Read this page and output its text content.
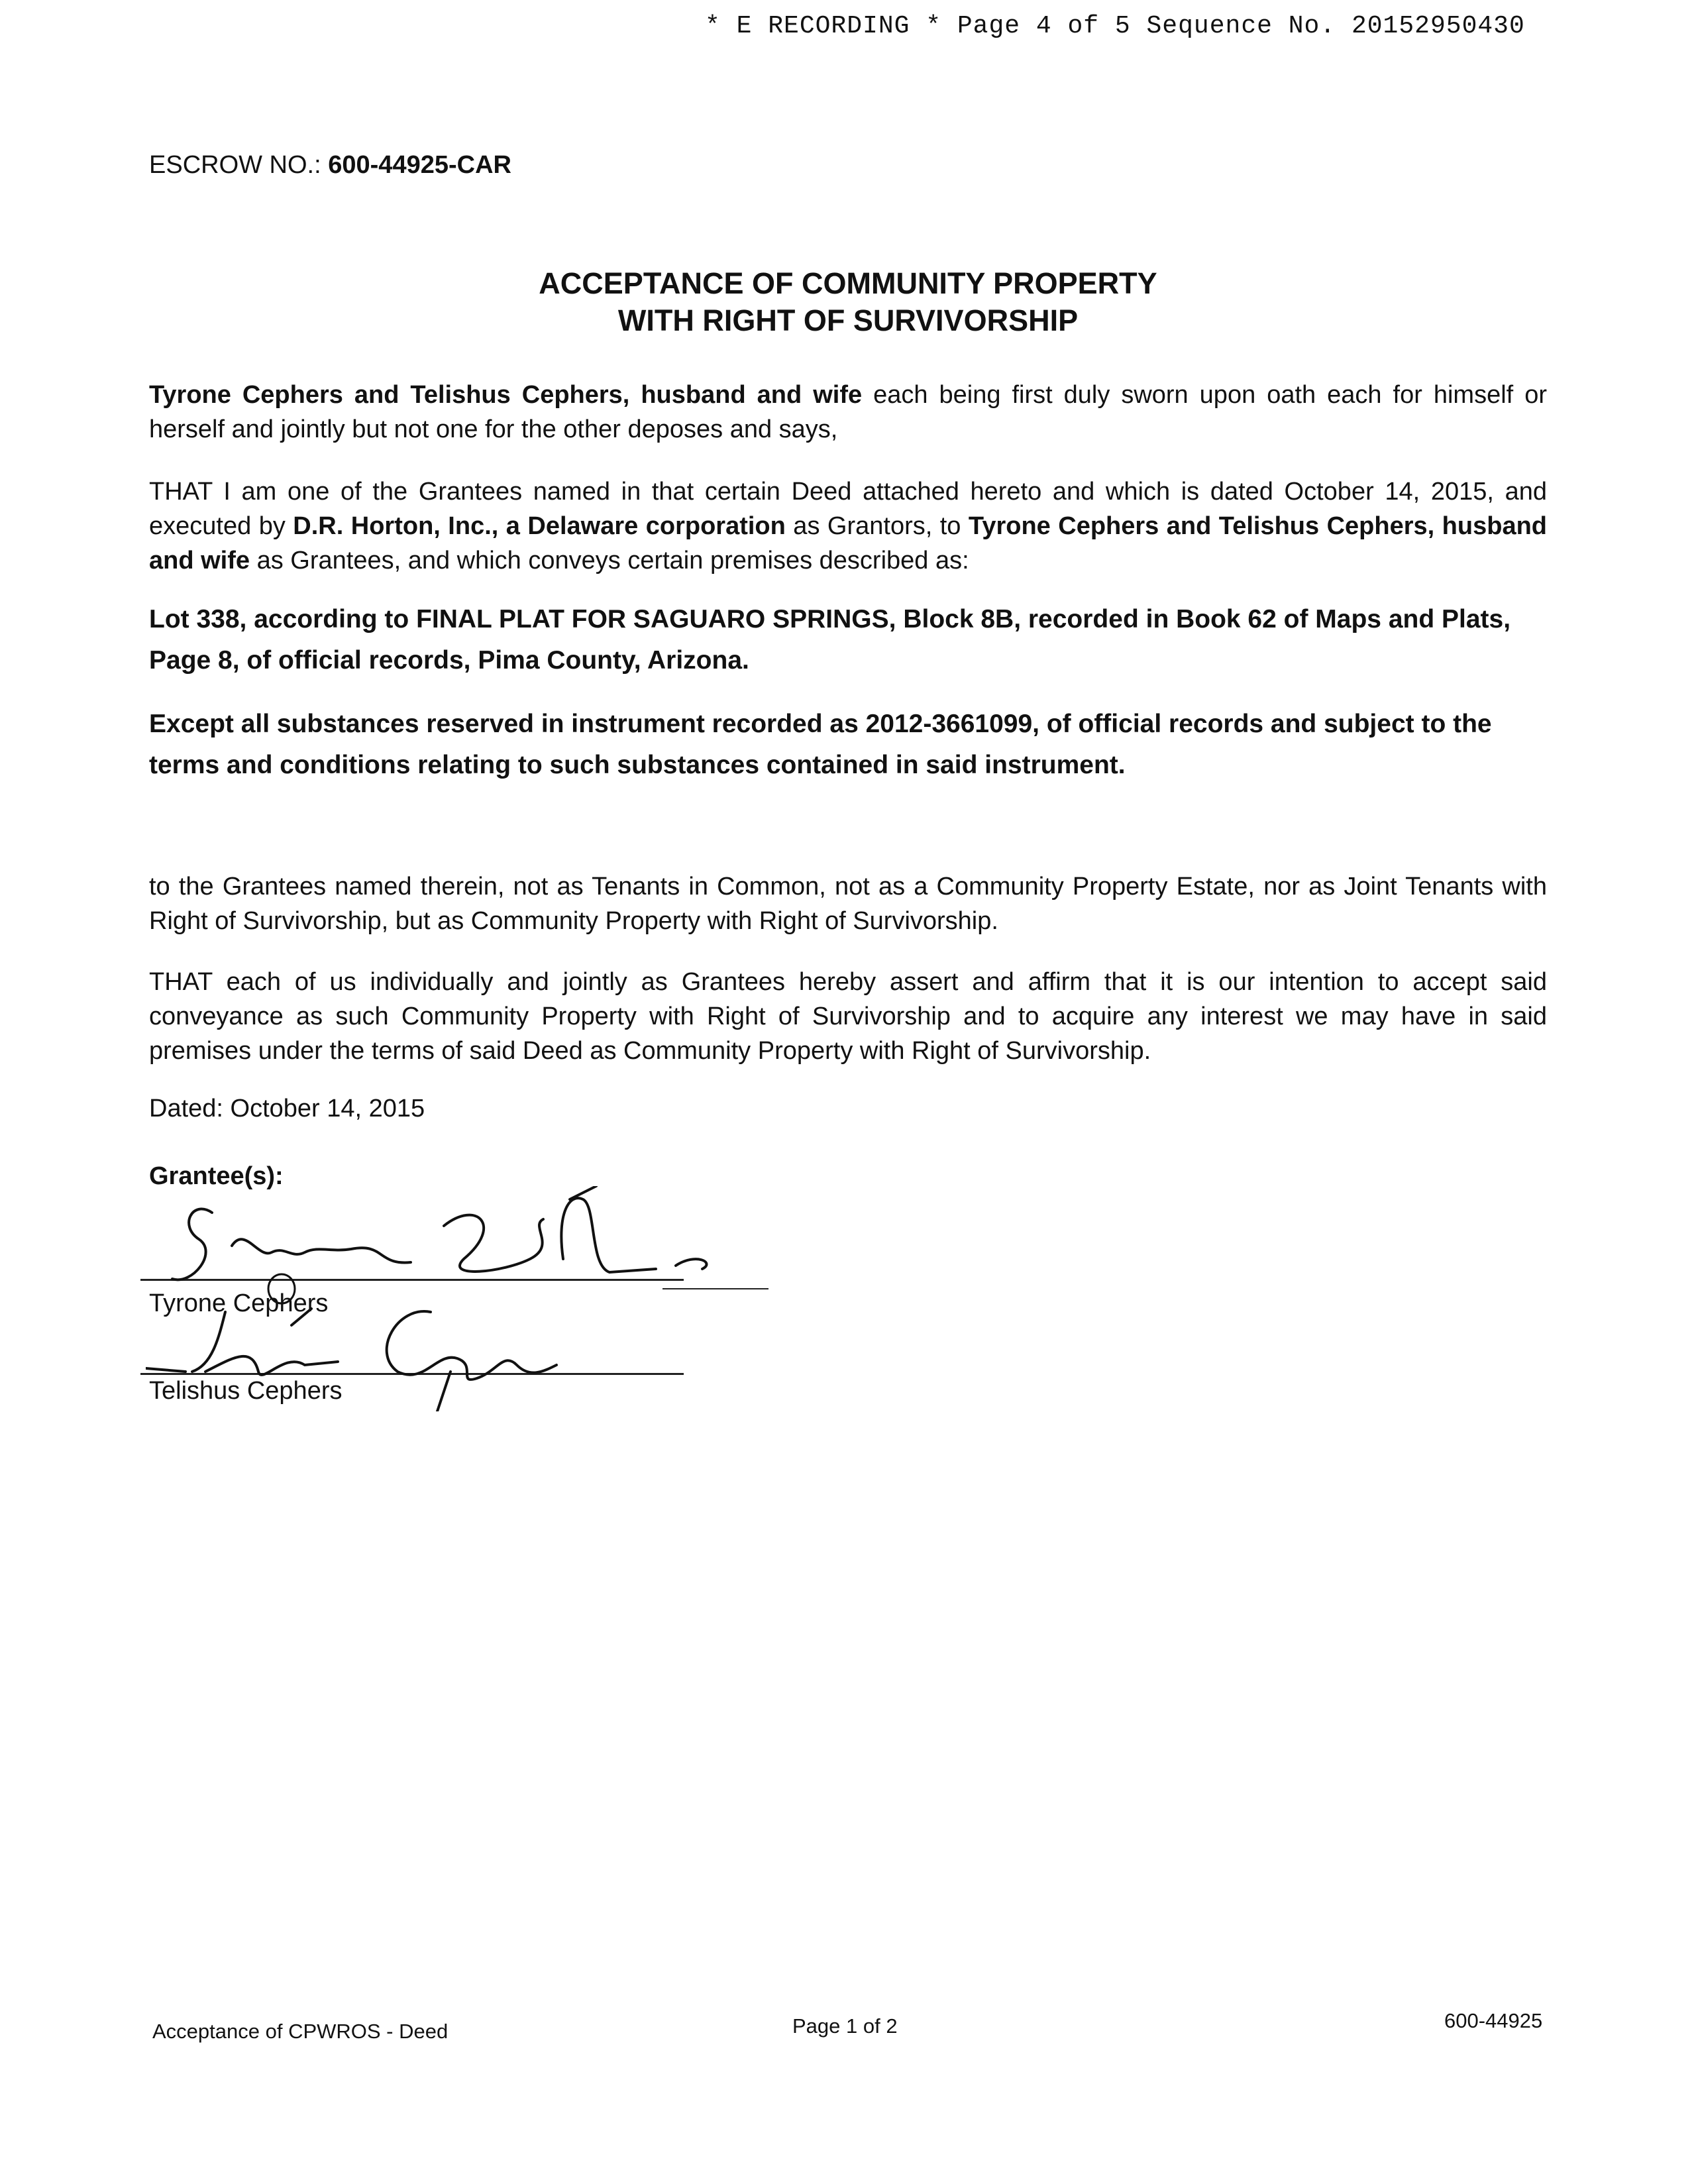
* E RECORDING * Page 4 of 5 Sequence No. 20152950430
ESCROW NO.: 600-44925-CAR
ACCEPTANCE OF COMMUNITY PROPERTY
WITH RIGHT OF SURVIVORSHIP
Tyrone Cephers and Telishus Cephers, husband and wife each being first duly sworn upon oath each for himself or herself and jointly but not one for the other deposes and says,
THAT I am one of the Grantees named in that certain Deed attached hereto and which is dated October 14, 2015, and executed by D.R. Horton, Inc., a Delaware corporation as Grantors, to Tyrone Cephers and Telishus Cephers, husband and wife as Grantees, and which conveys certain premises described as:
Lot 338, according to FINAL PLAT FOR SAGUARO SPRINGS, Block 8B, recorded in Book 62 of Maps and Plats, Page 8, of official records, Pima County, Arizona.
Except all substances reserved in instrument recorded as 2012-3661099, of official records and subject to the terms and conditions relating to such substances contained in said instrument.
to the Grantees named therein, not as Tenants in Common, not as a Community Property Estate, nor as Joint Tenants with Right of Survivorship, but as Community Property with Right of Survivorship.
THAT each of us individually and jointly as Grantees hereby assert and affirm that it is our intention to accept said conveyance as such Community Property with Right of Survivorship and to acquire any interest we may have in said premises under the terms of said Deed as Community Property with Right of Survivorship.
Dated: October 14, 2015
Grantee(s):
Tyrone Cephers
Telishus Cephers
Acceptance of CPWROS - Deed	Page 1 of 2	600-44925
